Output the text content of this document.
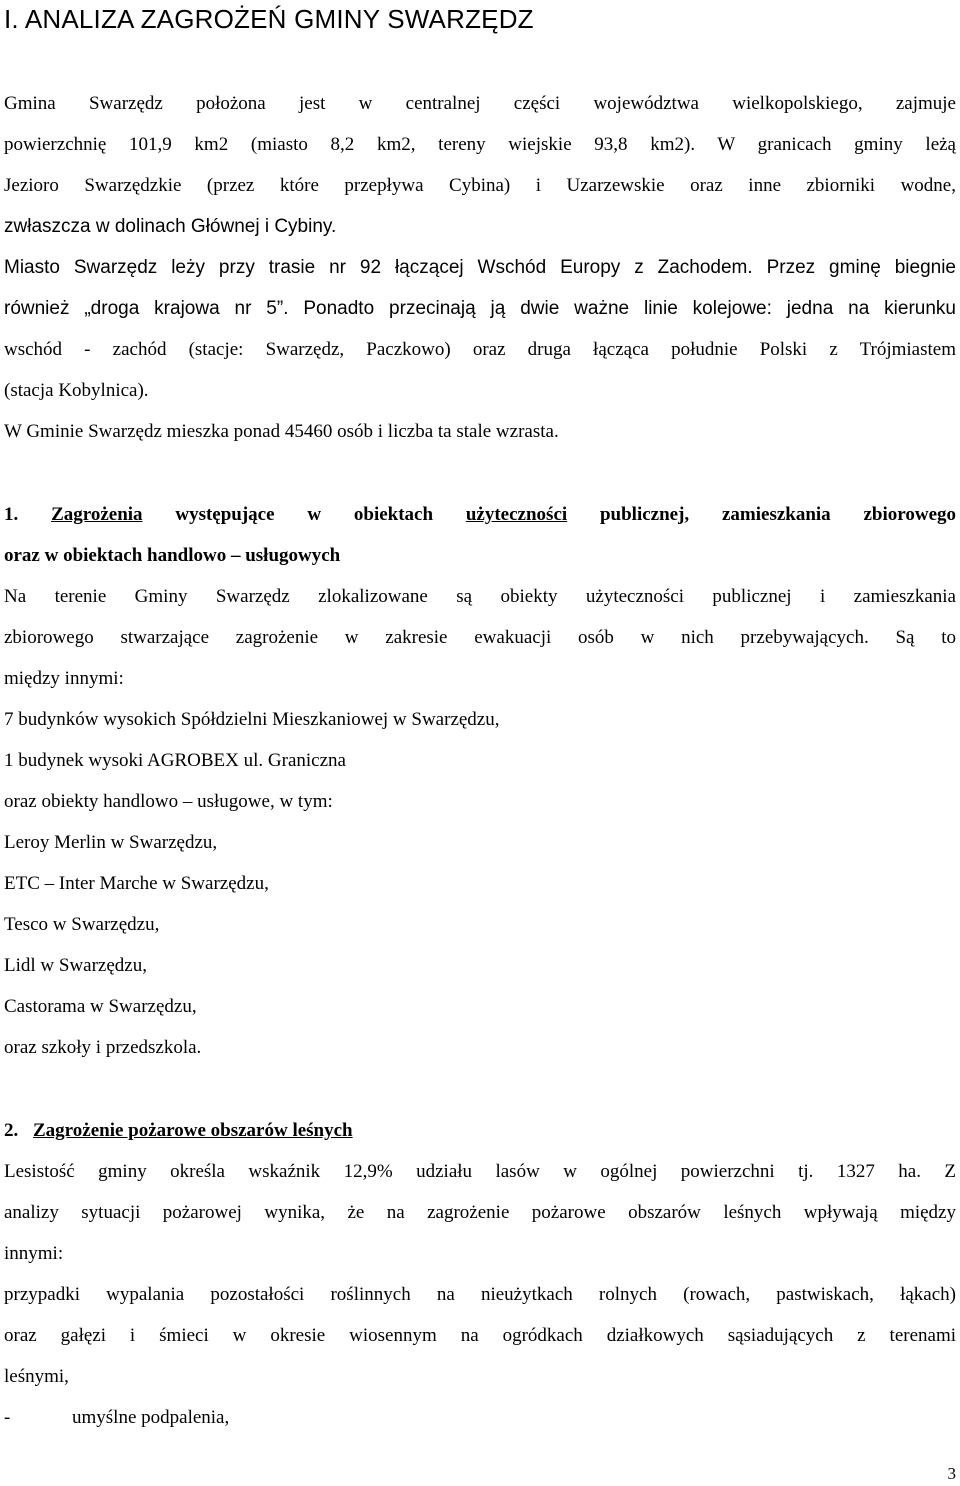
I. ANALIZA ZAGROŻEŃ GMINY SWARZĘDZ
Gmina Swarzędz położona jest w centralnej części województwa wielkopolskiego, zajmuje
powierzchnię 101,9 km2 (miasto 8,2 km2, tereny wiejskie 93,8 km2). W granicach gminy leżą
Jezioro Swarzędzkie (przez które przepływa Cybina) i Uzarzewskie oraz inne zbiorniki wodne,
zwłaszcza w dolinach Głównej i Cybiny.
Miasto Swarzędz leży przy trasie nr 92 łączącej Wschód Europy z Zachodem. Przez gminę biegnie
również „droga krajowa nr 5”. Ponadto przecinają ją dwie ważne linie kolejowe: jedna na kierunku
wschód - zachód (stacje: Swarzędz, Paczkowo) oraz druga łącząca południe Polski z Trójmiastem
(stacja Kobylnica).
W Gminie Swarzędz mieszka ponad 45460 osób i liczba ta stale wzrasta.
1. Zagrożenia występujące w obiektach użyteczności publicznej, zamieszkania zbiorowego
oraz w obiektach handlowo – usługowych
Na terenie Gminy Swarzędz zlokalizowane są obiekty użyteczności publicznej i zamieszkania
zbiorowego stwarzające zagrożenie w zakresie ewakuacji osób w nich przebywających. Są to
między innymi:
7 budynków wysokich Spółdzielni Mieszkaniowej w Swarzędzu,
1 budynek wysoki AGROBEX ul. Graniczna
oraz obiekty handlowo – usługowe, w tym:
Leroy Merlin w Swarzędzu,
ETC – Inter Marche w Swarzędzu,
Tesco w Swarzędzu,
Lidl w Swarzędzu,
Castorama w Swarzędzu,
oraz szkoły i przedszkola.
2. Zagrożenie pożarowe obszarów leśnych
Lesistość gminy określa wskaźnik 12,9% udziału lasów w ogólnej powierzchni tj. 1327 ha. Z
analizy sytuacji pożarowej wynika, że na zagrożenie pożarowe obszarów leśnych wpływają między
innymi:
przypadki wypalania pozostałości roślinnych na nieużytkach rolnych (rowach, pastwiskach, łąkach)
oraz gałęzi i śmieci w okresie wiosennym na ogródkach działkowych sąsiadujących z terenami
leśnymi,
-	umyślne podpalenia,
3
